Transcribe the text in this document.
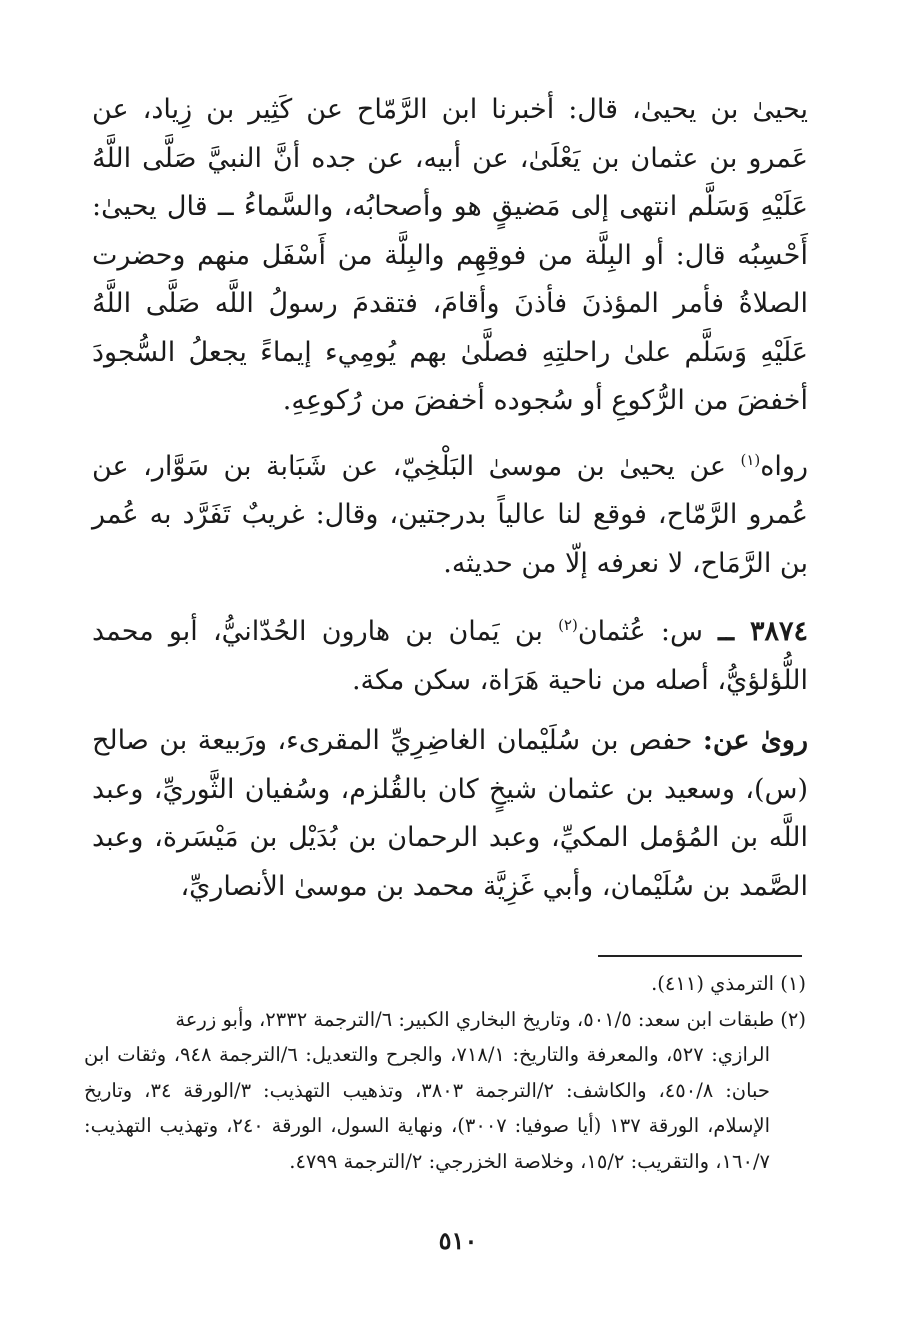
يحيىٰ بن يحيىٰ، قال: أخبرنا ابن الرَّمّاح عن كَثِير بن زِياد، عن عَمرو بن عثمان بن يَعْلَىٰ، عن أبيه، عن جده أنَّ النبيَّ صَلَّى اللَّهُ عَلَيْهِ وَسَلَّم انتهى إلى مَضيقٍ هو وأصحابُه، والسَّماءُ ــ قال يحيىٰ: أَحْسِبُه قال: أو البِلَّة من فوقِهِم والبِلَّة من أَسْفَل منهم وحضرت الصلاةُ فأمر المؤذنَ فأذنَ وأقامَ، فتقدمَ رسولُ اللَّه صَلَّى اللَّهُ عَلَيْهِ وَسَلَّم علىٰ راحلتِهِ فصلَّىٰ بهم يُومِيء إيماءً يجعلُ السُّجودَ أخفضَ من الرُّكوعِ أو سُجوده أخفضَ من رُكوعِهِ.

رواه$^{(١)}$ عن يحيىٰ بن موسىٰ البَلْخِيّ، عن شَبَابة بن سَوَّار، عن عُمرو الرَّمّاح، فوقع لنا عالياً بدرجتين، وقال: غريبٌ تَفَرَّد به عُمر بن الرَّمَاح، لا نعرفه إلّا من حديثه.

٣٨٧٤ ــ س: عُثمان$^{(٢)}$ بن يَمان بن هارون الحُدّانيُّ، أبو محمد اللُّؤلؤيُّ، أصله من ناحية هَرَاة، سكن مكة.

روىٰ عن: حفص بن سُلَيْمان الغاضِرِيِّ المقرىء، ورَبيعة بن صالح (س)، وسعيد بن عثمان شيخٍ كان بالقُلزم، وسُفيان الثَّوريِّ، وعبد اللَّه بن المُؤمل المكيِّ، وعبد الرحمان بن بُدَيْل بن مَيْسَرة، وعبد الصَّمد بن سُلَيْمان، وأبي غَزِيَّة محمد بن موسىٰ الأنصاريِّ،

(١) الترمذي (٤١١).

(٢) طبقات ابن سعد: ٥٠١/٥، وتاريخ البخاري الكبير: ٦/الترجمة ٢٣٣٢، وأبو زرعة

الرازي: ٥٢٧، والمعرفة والتاريخ: ٧١٨/١، والجرح والتعديل: ٦/الترجمة ٩٤٨، وثقات ابن حبان: ٤٥٠/٨، والكاشف: ٢/الترجمة ٣٨٠٣، وتذهيب التهذيب: ٣/الورقة ٣٤، وتاريخ الإسلام، الورقة ١٣٧ (أيا صوفيا: ٣٠٠٧)، ونهاية السول، الورقة ٢٤٠، وتهذيب التهذيب: ١٦٠/٧، والتقريب: ١٥/٢، وخلاصة الخزرجي: ٢/الترجمة ٤٧٩٩.

٥١٠
